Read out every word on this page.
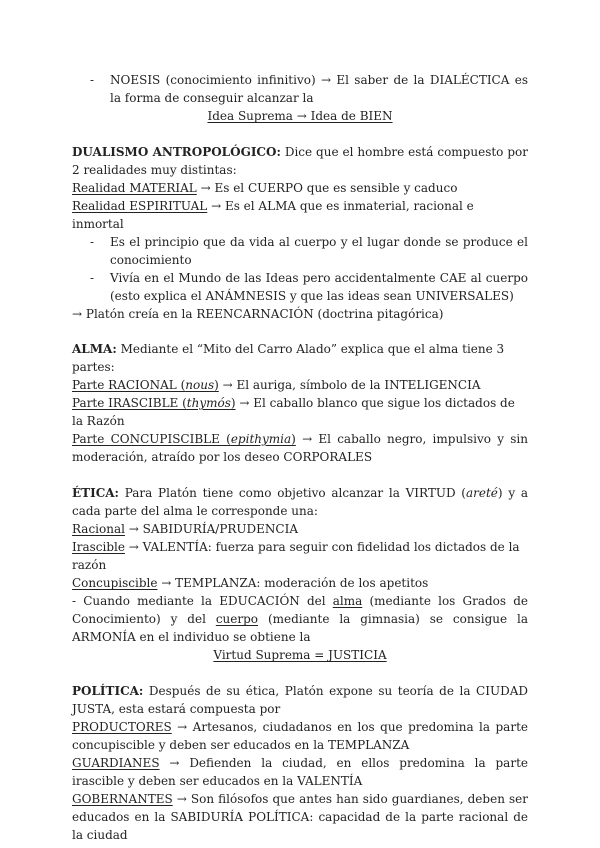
- NOESIS (conocimiento infinitivo) → El saber de la DIALÉCTICA es la forma de conseguir alcanzar la

Idea Suprema → Idea de BIEN

DUALISMO ANTROPOLÓGICO: Dice que el hombre está compuesto por 2 realidades muy distintas:

Realidad MATERIAL → Es el CUERPO que es sensible y caduco

Realidad ESPIRITUAL → Es el ALMA que es inmaterial, racional e inmortal

- Es el principio que da vida al cuerpo y el lugar donde se produce el conocimiento

- Vivía en el Mundo de las Ideas pero accidentalmente CAE al cuerpo (esto explica el ANÁMNESIS y que las ideas sean UNIVERSALES)

→ Platón creía en la REENCARNACIÓN (doctrina pitagórica)

ALMA: Mediante el “Mito del Carro Alado” explica que el alma tiene 3 partes:

Parte RACIONAL (nous) → El auriga, símbolo de la INTELIGENCIA

Parte IRASCIBLE (thymós) → El caballo blanco que sigue los dictados de la Razón

Parte CONCUPISCIBLE (epithymia) → El caballo negro, impulsivo y sin moderación, atraído por los deseo CORPORALES

ÉTICA: Para Platón tiene como objetivo alcanzar la VIRTUD (areté) y a cada parte del alma le corresponde una:

Racional → SABIDURÍA/PRUDENCIA

Irascible → VALENTÍA: fuerza para seguir con fidelidad los dictados de la razón

Concupiscible → TEMPLANZA: moderación de los apetitos

- Cuando mediante la EDUCACIÓN del alma (mediante los Grados de Conocimiento) y del cuerpo (mediante la gimnasia) se consigue la ARMONÍA en el individuo se obtiene la

Virtud Suprema = JUSTICIA

POLÍTICA: Después de su ética, Platón expone su teoría de la CIUDAD JUSTA, esta estará compuesta por

PRODUCTORES → Artesanos, ciudadanos en los que predomina la parte concupiscible y deben ser educados en la TEMPLANZA

GUARDIANES → Defienden la ciudad, en ellos predomina la parte irascible y deben ser educados en la VALENTÍA

GOBERNANTES → Son filósofos que antes han sido guardianes, deben ser educados en la SABIDURÍA POLÍTICA: capacidad de la parte racional de la ciudad
